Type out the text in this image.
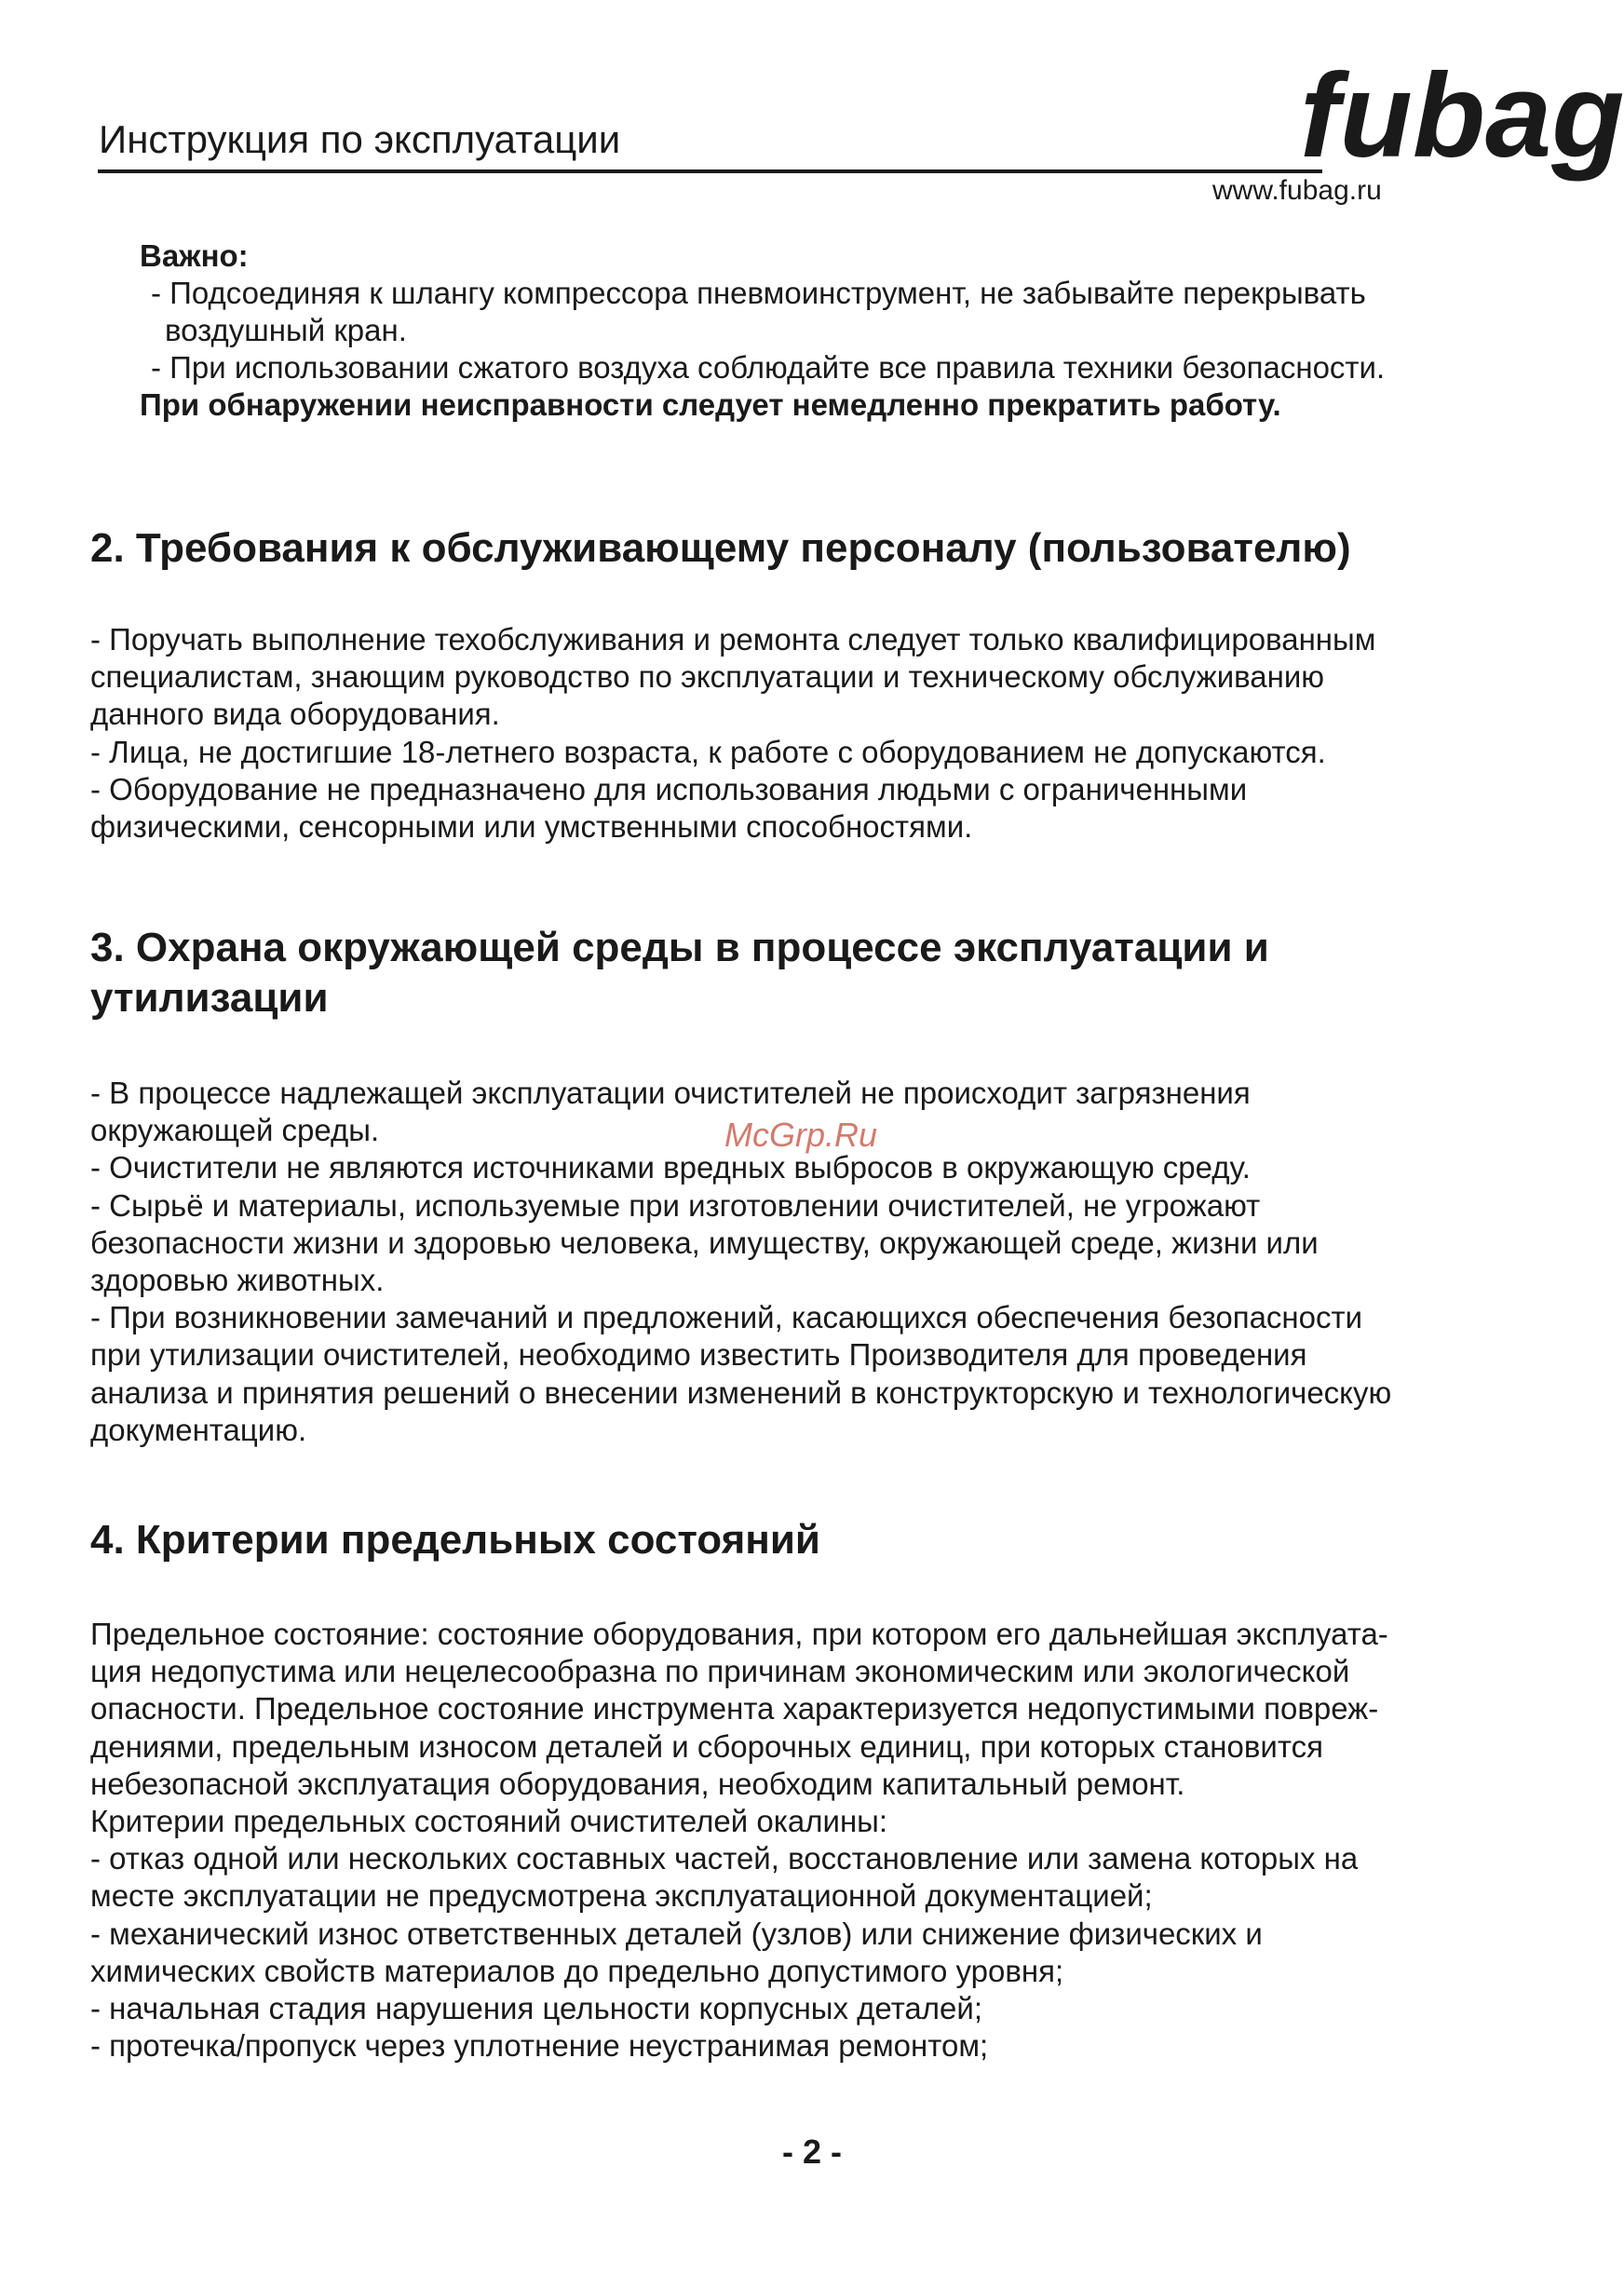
Инструкция по эксплуатации	fubag
www.fubag.ru
Важно:
- Подсоединяя к шлангу компрессора пневмоинструмент, не забывайте перекрывать
воздушный кран.
- При использовании сжатого воздуха соблюдайте все правила техники безопасности.
При обнаружении неисправности следует немедленно прекратить работу.
2. Требования к обслуживающему персоналу (пользователю)
- Поручать выполнение техобслуживания и ремонта следует только квалифицированным
специалистам, знающим руководство по эксплуатации и техническому обслуживанию
данного вида оборудования.
- Лица, не достигшие 18-летнего возраста, к работе с оборудованием не допускаются.
- Оборудование не предназначено для использования людьми с ограниченными
физическими, сенсорными или умственными способностями.
3. Охрана окружающей среды в процессе эксплуатации и
утилизации
- В процессе надлежащей эксплуатации очистителей не происходит загрязнения
окружающей среды.
- Очистители не являются источниками вредных выбросов в окружающую среду.
- Сырьё и материалы, используемые при изготовлении очистителей, не угрожают
безопасности жизни и здоровью человека, имуществу, окружающей среде, жизни или
здоровью животных.
- При возникновении замечаний и предложений, касающихся обеспечения безопасности
при утилизации очистителей, необходимо известить Производителя для проведения
анализа и принятия решений о внесении изменений в конструкторскую и технологическую
документацию.
McGrp.Ru
4. Критерии предельных состояний
Предельное состояние: состояние оборудования, при котором его дальнейшая эксплуата-
ция недопустима или нецелесообразна по причинам экономическим или экологической
опасности. Предельное состояние инструмента характеризуется недопустимыми повреж-
дениями, предельным износом деталей и сборочных единиц, при которых становится
небезопасной эксплуатация оборудования, необходим капитальный ремонт.
Критерии предельных состояний очистителей окалины:
- отказ одной или нескольких составных частей, восстановление или замена которых на
месте эксплуатации не предусмотрена эксплуатационной документацией;
- механический износ ответственных деталей (узлов) или снижение физических и
химических свойств материалов до предельно допустимого уровня;
- начальная стадия нарушения цельности корпусных деталей;
- протечка/пропуск через уплотнение неустранимая ремонтом;
- 2 -
